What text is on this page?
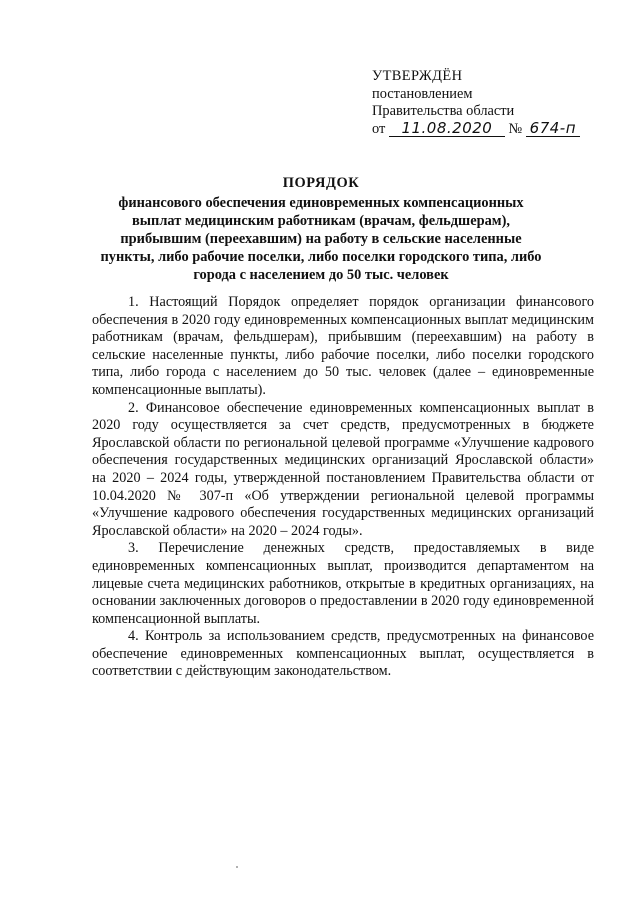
УТВЕРЖДЁН
постановлением
Правительства области
от 11.08.2020 № 674-п
ПОРЯДОК
финансового обеспечения единовременных компенсационных выплат медицинским работникам (врачам, фельдшерам), прибывшим (переехавшим) на работу в сельские населенные пункты, либо рабочие поселки, либо поселки городского типа, либо города с населением до 50 тыс. человек

1. Настоящий Порядок определяет порядок организации финансового обеспечения в 2020 году единовременных компенсационных выплат медицинским работникам (врачам, фельдшерам), прибывшим (переехавшим) на работу в сельские населенные пункты, либо рабочие поселки, либо поселки городского типа, либо города с населением до 50 тыс. человек (далее – единовременные компенсационные выплаты).

2. Финансовое обеспечение единовременных компенсационных выплат в 2020 году осуществляется за счет средств, предусмотренных в бюджете Ярославской области по региональной целевой программе «Улучшение кадрового обеспечения государственных медицинских организаций Ярославской области» на 2020 – 2024 годы, утвержденной постановлением Правительства области от 10.04.2020 № 307-п «Об утверждении региональной целевой программы «Улучшение кадрового обеспечения государственных медицинских организаций Ярославской области» на 2020 – 2024 годы».

3. Перечисление денежных средств, предоставляемых в виде единовременных компенсационных выплат, производится департаментом на лицевые счета медицинских работников, открытые в кредитных организациях, на основании заключенных договоров о предоставлении в 2020 году единовременной компенсационной выплаты.

4. Контроль за использованием средств, предусмотренных на финансовое обеспечение единовременных компенсационных выплат, осуществляется в соответствии с действующим законодательством.
